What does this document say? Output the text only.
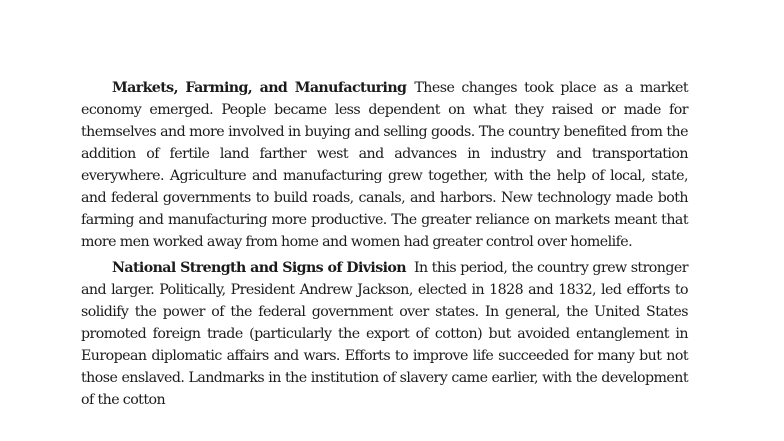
Markets, Farming, and Manufacturing These changes took place as a market economy emerged. People became less dependent on what they raised or made for themselves and more involved in buying and selling goods. The country benefited from the addition of fertile land farther west and advances in industry and transportation everywhere. Agriculture and manufacturing grew together, with the help of local, state, and federal governments to build roads, canals, and harbors. New technology made both farming and manufacturing more productive. The greater reliance on markets meant that more men worked away from home and women had greater control over homelife.

National Strength and Signs of Division In this period, the country grew stronger and larger. Politically, President Andrew Jackson, elected in 1828 and 1832, led efforts to solidify the power of the federal government over states. In general, the United States promoted foreign trade (particularly the export of cotton) but avoided entanglement in European diplomatic affairs and wars. Efforts to improve life succeeded for many but not those enslaved. Landmarks in the institution of slavery came earlier, with the development of the cotton
